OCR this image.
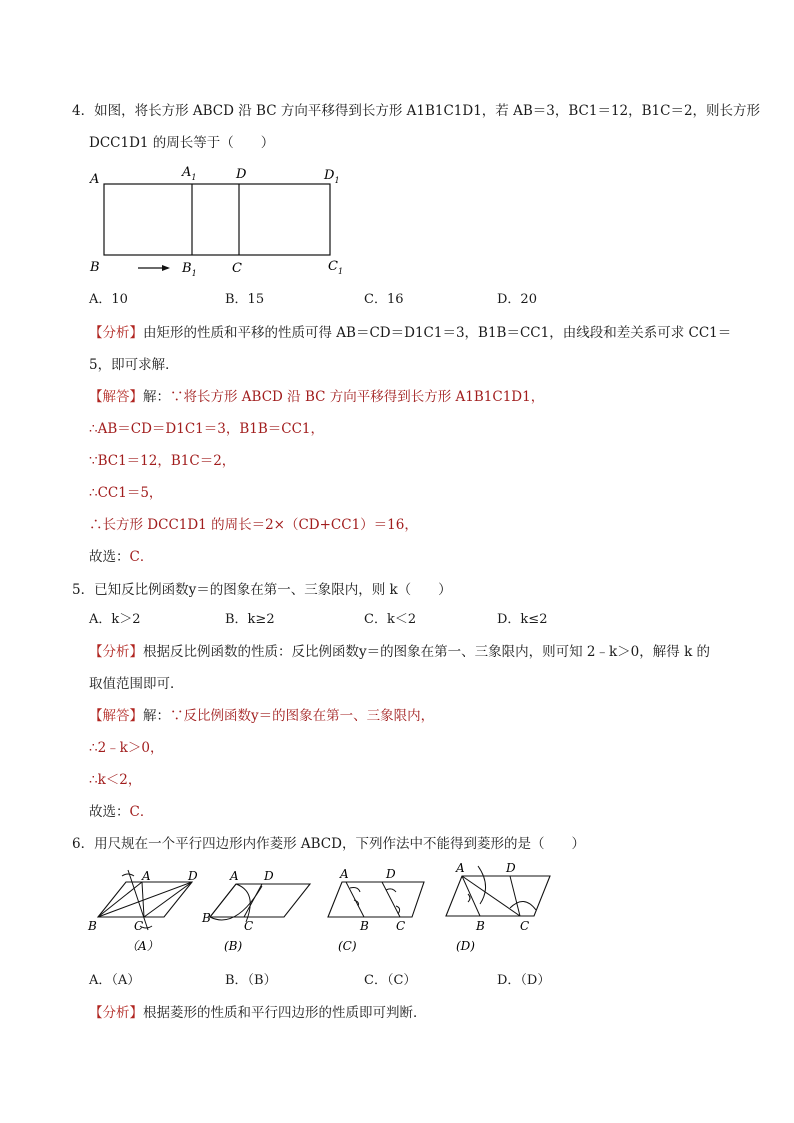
4．如图，将长方形 ABCD 沿 BC 方向平移得到长方形 A1B1C1D1，若 AB＝3，BC1＝12，B1C＝2，则长方形
DCC1D1 的周长等于（　　）
A	$A_1$	D	$D_1$
B	$B_1$	C	$C_1$
A．10	B．15	C．16	D．20
【分析】由矩形的性质和平移的性质可得 AB＝CD＝D1C1＝3，B1B＝CC1，由线段和差关系可求 CC1＝
5，即可求解．
【解答】解：∵将长方形 ABCD 沿 BC 方向平移得到长方形 A1B1C1D1，
∴AB＝CD＝D1C1＝3，B1B＝CC1，
∵BC1＝12，B1C＝2，
∴CC1＝5，
∴长方形 DCC1D1 的周长＝2×（CD+CC1）＝16，
故选：C．
5．已知反比例函数y＝的图象在第一、三象限内，则 k（　　）
A．k＞2	B．k≥2	C．k＜2	D．k≤2
【分析】根据反比例函数的性质：反比例函数y＝的图象在第一、三象限内，则可知 2﹣k＞0，解得 k 的
取值范围即可．
【解答】解：∵反比例函数y＝的图象在第一、三象限内，
∴2﹣k＞0，
∴k＜2，
故选：C．
6．用尺规在一个平行四边形内作菱形 ABCD，下列作法中不能得到菱形的是（　　）
A	D
B	C
（A）
A D
B
C
(B)
A	D
B C
(C)
A	D
B	C
(D)
A．（A）	B．（B）	C．（C）	D．（D）
【分析】根据菱形的性质和平行四边形的性质即可判断．
